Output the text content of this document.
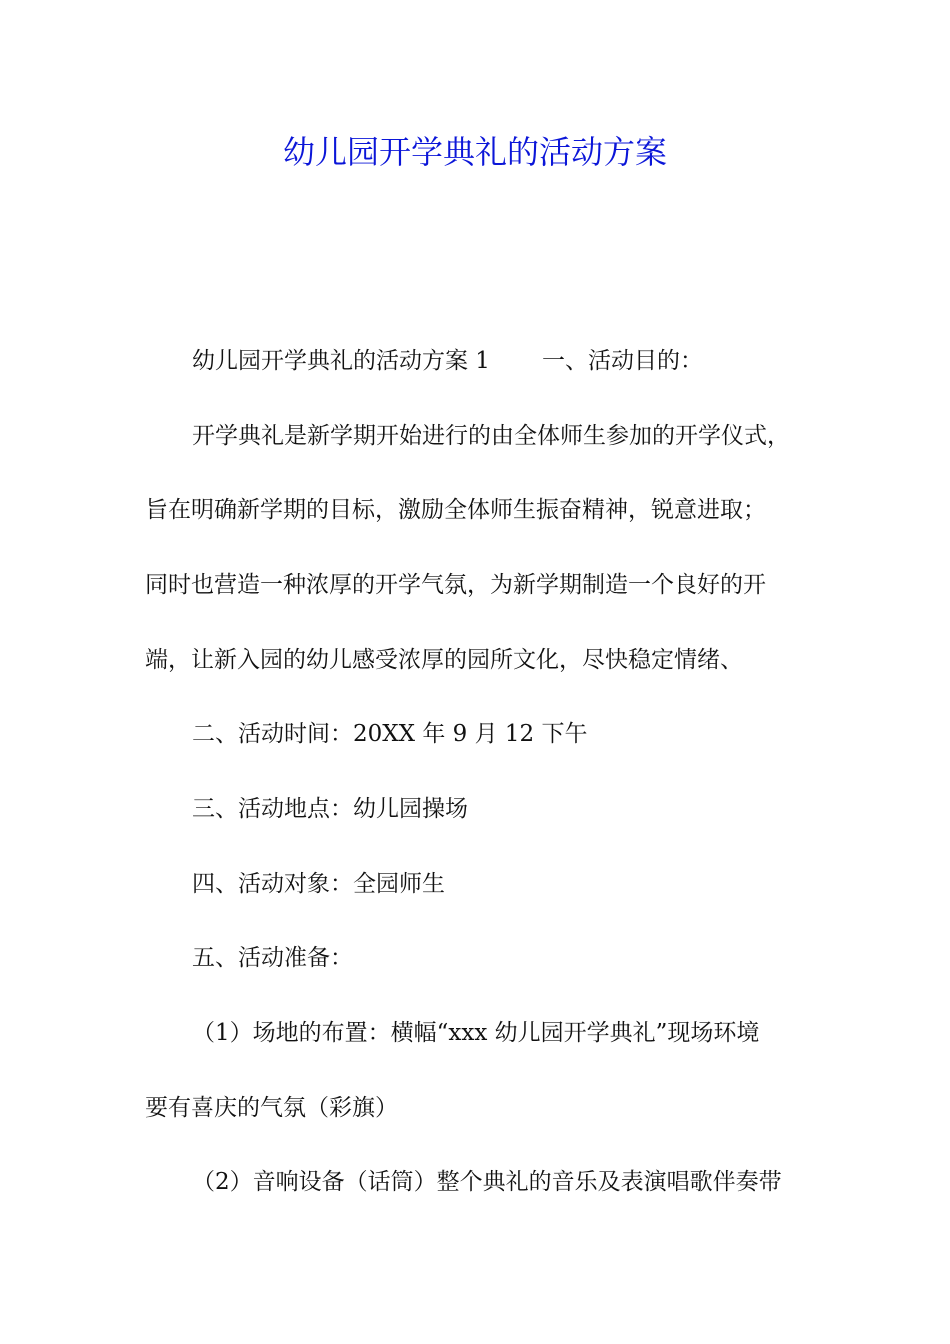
幼儿园开学典礼的活动方案
幼儿园开学典礼的活动方案 1 一、活动目的：
开学典礼是新学期开始进行的由全体师生参加的开学仪式，
旨在明确新学期的目标，激励全体师生振奋精神，锐意进取；
同时也营造一种浓厚的开学气氛，为新学期制造一个良好的开
端，让新入园的幼儿感受浓厚的园所文化，尽快稳定情绪、
二、活动时间：20XX 年 9 月 12 下午
三、活动地点：幼儿园操场
四、活动对象：全园师生
五、活动准备：
（1）场地的布置：横幅“xxx 幼儿园开学典礼”现场环境
要有喜庆的气氛（彩旗）
（2）音响设备（话筒）整个典礼的音乐及表演唱歌伴奏带
